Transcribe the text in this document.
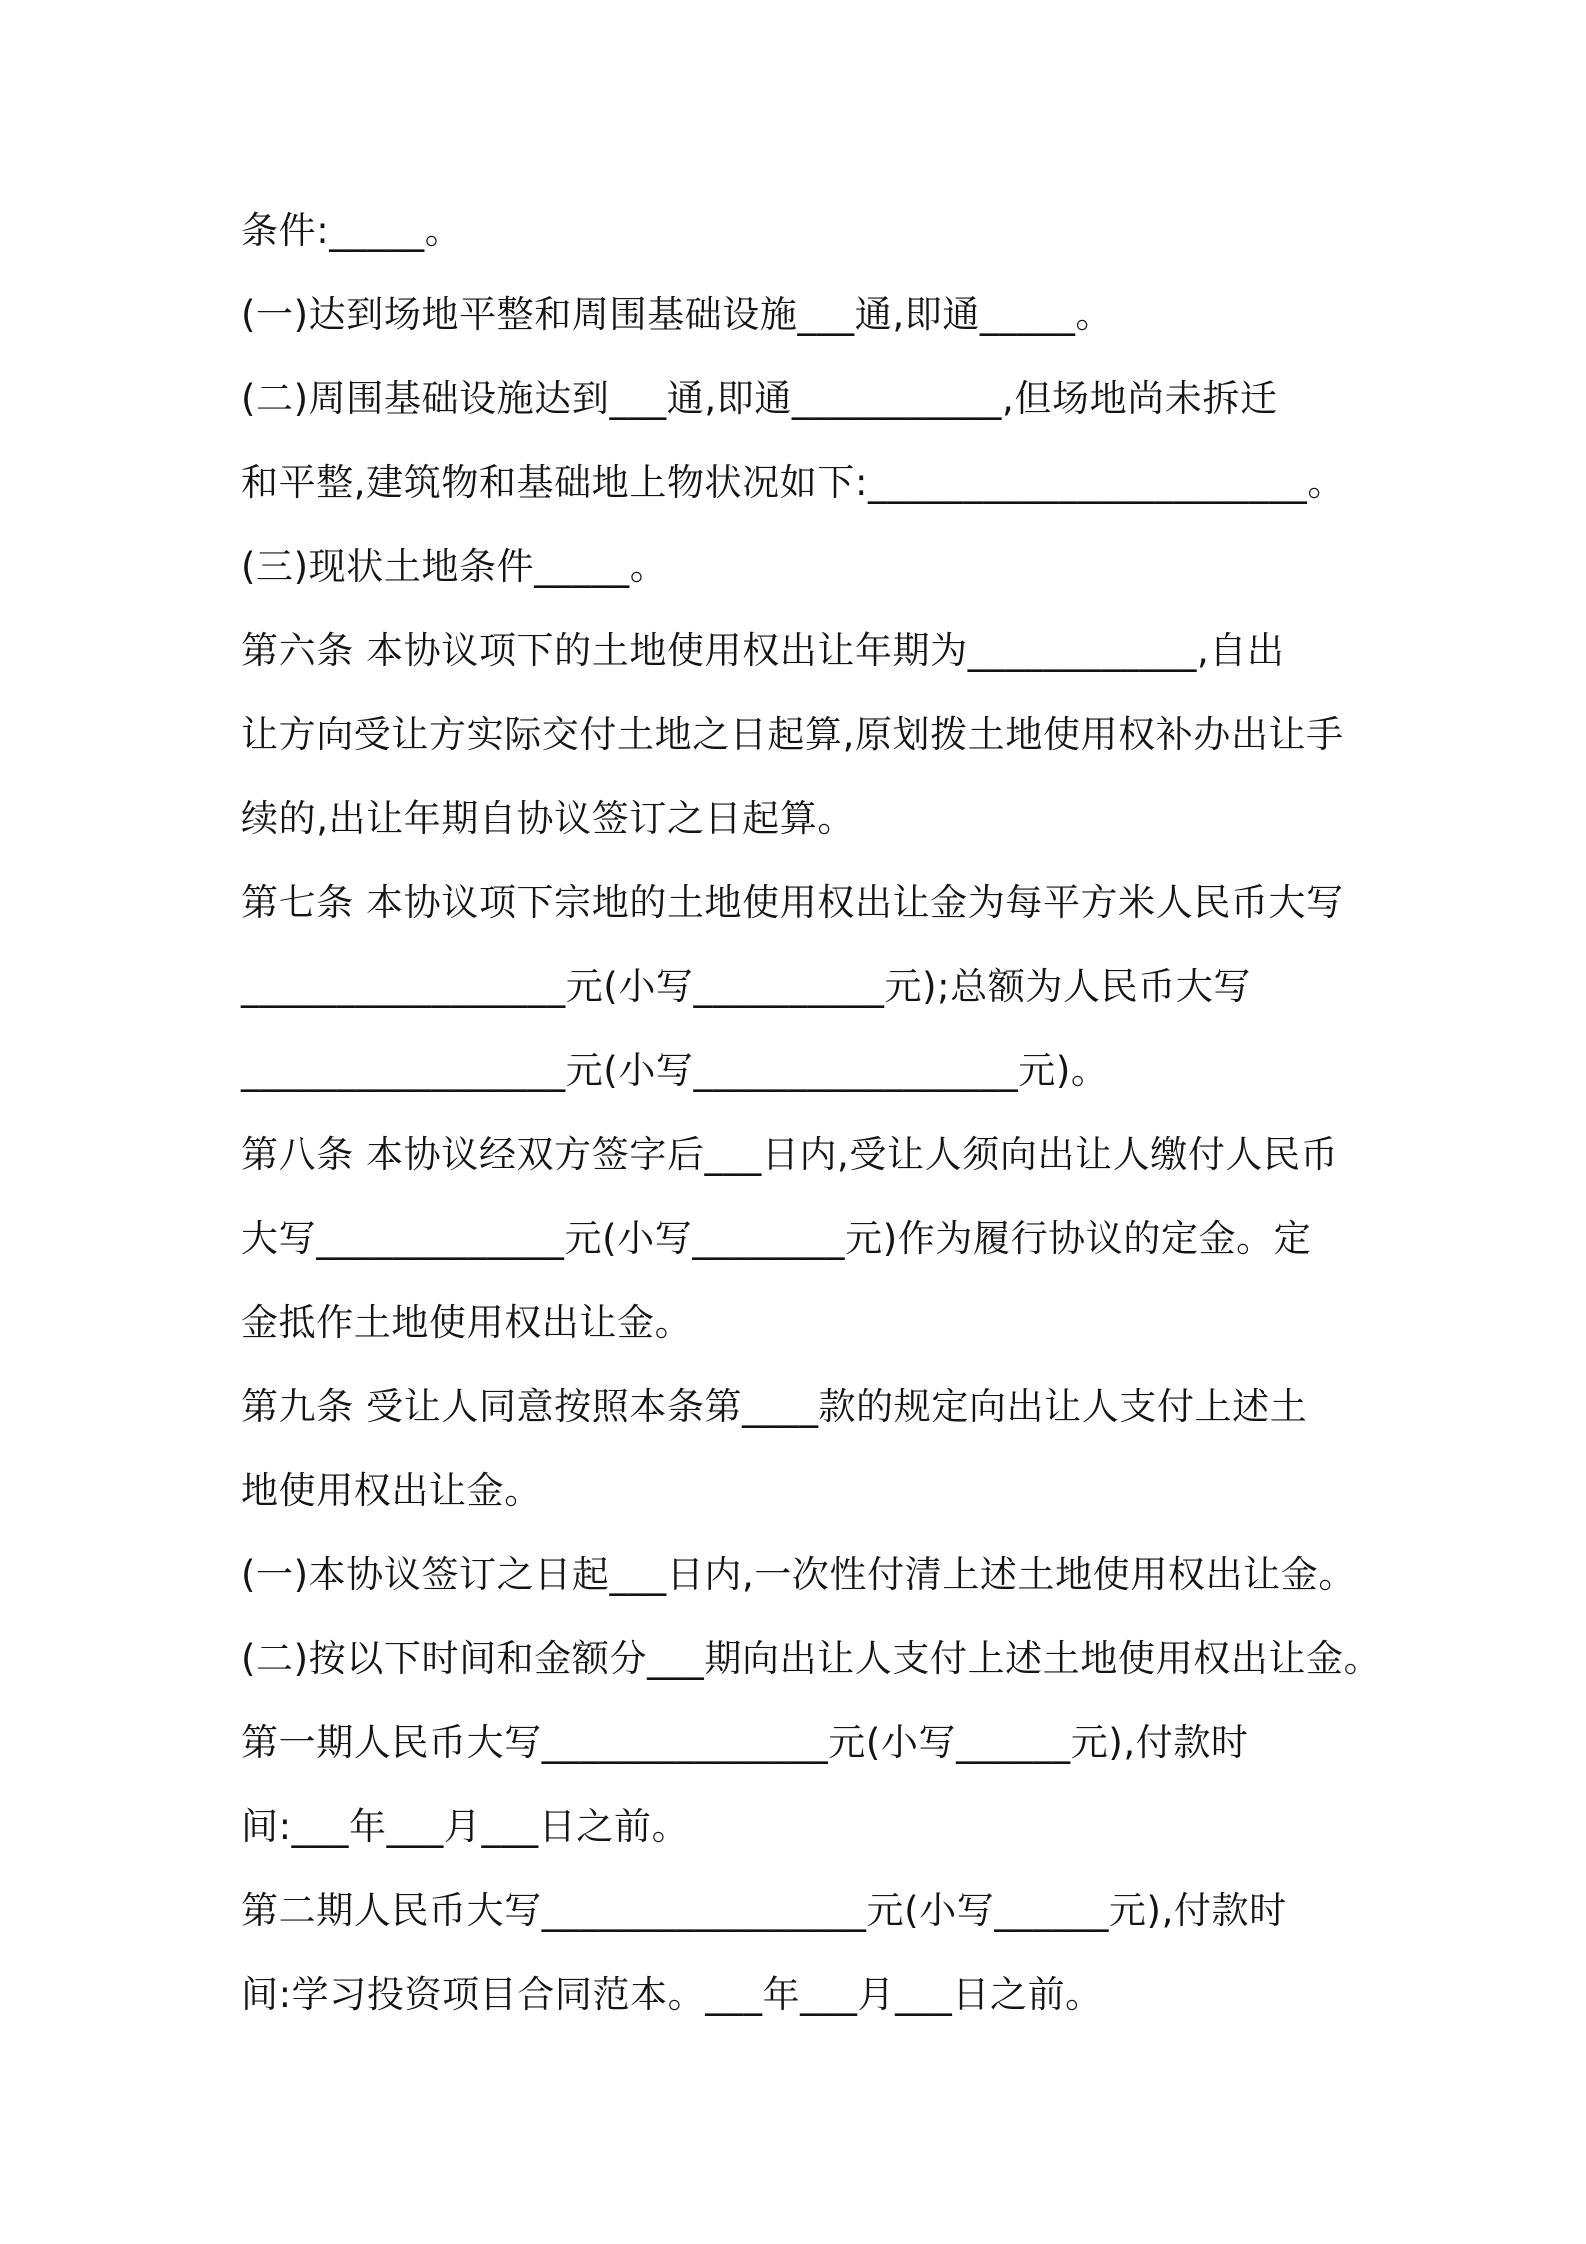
条件:_____。
(一)达到场地平整和周围基础设施___通,即通_____。
(二)周围基础设施达到___通,即通___________,但场地尚未拆迁
和平整,建筑物和基础地上物状况如下:_______________________。
(三)现状土地条件_____。
第六条 本协议项下的土地使用权出让年期为____________,自出
让方向受让方实际交付土地之日起算,原划拨土地使用权补办出让手
续的,出让年期自协议签订之日起算。
第七条 本协议项下宗地的土地使用权出让金为每平方米人民币大写
_________________元(小写__________元);总额为人民币大写
_________________元(小写_________________元)。
第八条 本协议经双方签字后___日内,受让人须向出让人缴付人民币
大写_____________元(小写________元)作为履行协议的定金。定
金抵作土地使用权出让金。
第九条 受让人同意按照本条第____款的规定向出让人支付上述土
地使用权出让金。
(一)本协议签订之日起___日内,一次性付清上述土地使用权出让金。
(二)按以下时间和金额分___期向出让人支付上述土地使用权出让金。
第一期人民币大写_______________元(小写______元),付款时
间:___年___月___日之前。
第二期人民币大写_________________元(小写______元),付款时
间:学习投资项目合同范本。___年___月___日之前。
